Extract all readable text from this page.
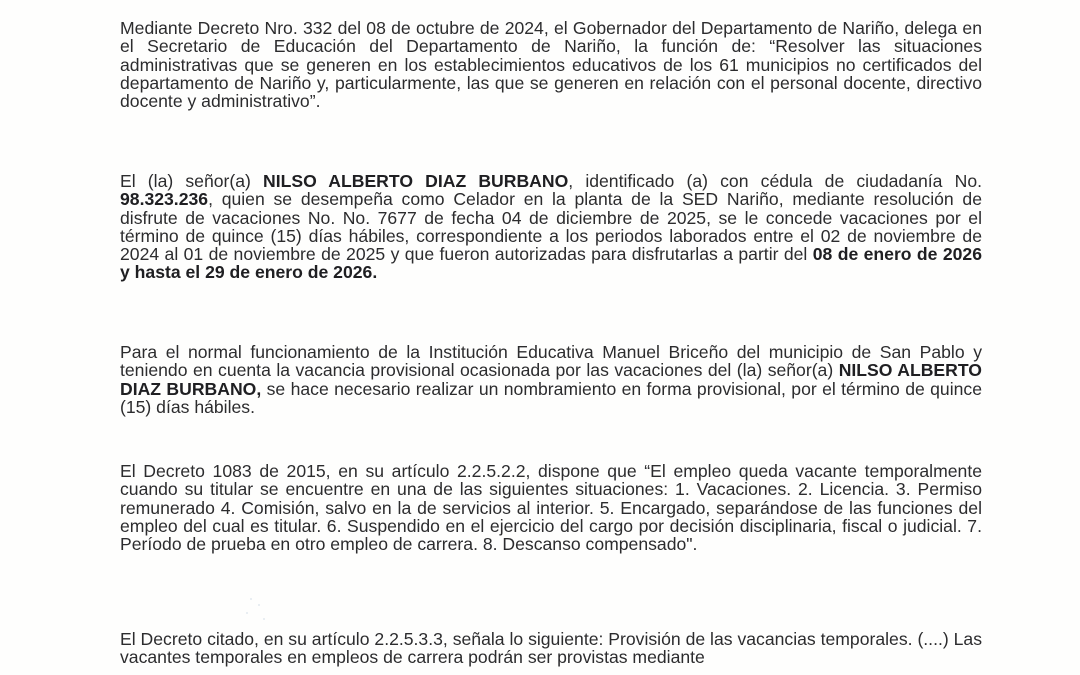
Mediante Decreto Nro. 332 del 08 de octubre de 2024, el Gobernador del Departamento de Nariño, delega en el Secretario de Educación del Departamento de Nariño, la función de: “Resolver las situaciones administrativas que se generen en los establecimientos educativos de los 61 municipios no certificados del departamento de Nariño y, particularmente, las que se generen en relación con el personal docente, directivo docente y administrativo”.

El (la) señor(a) NILSO ALBERTO DIAZ BURBANO, identificado (a) con cédula de ciudadanía No. 98.323.236, quien se desempeña como Celador en la planta de la SED Nariño, mediante resolución de disfrute de vacaciones No. No. 7677 de fecha 04 de diciembre de 2025, se le concede vacaciones por el término de quince (15) días hábiles, correspondiente a los periodos laborados entre el 02 de noviembre de 2024 al 01 de noviembre de 2025 y que fueron autorizadas para disfrutarlas a partir del 08 de enero de 2026 y hasta el 29 de enero de 2026.

Para el normal funcionamiento de la Institución Educativa Manuel Briceño del municipio de San Pablo y teniendo en cuenta la vacancia provisional ocasionada por las vacaciones del (la) señor(a) NILSO ALBERTO DIAZ BURBANO, se hace necesario realizar un nombramiento en forma provisional, por el término de quince (15) días hábiles.

El Decreto 1083 de 2015, en su artículo 2.2.5.2.2, dispone que “El empleo queda vacante temporalmente cuando su titular se encuentre en una de las siguientes situaciones: 1. Vacaciones. 2. Licencia. 3. Permiso remunerado 4. Comisión, salvo en la de servicios al interior. 5. Encargado, separándose de las funciones del empleo del cual es titular. 6. Suspendido en el ejercicio del cargo por decisión disciplinaria, fiscal o judicial. 7. Período de prueba en otro empleo de carrera. 8. Descanso compensado".

El Decreto citado, en su artículo 2.2.5.3.3, señala lo siguiente: Provisión de las vacancias temporales. (....) Las vacantes temporales en empleos de carrera podrán ser provistas mediante
